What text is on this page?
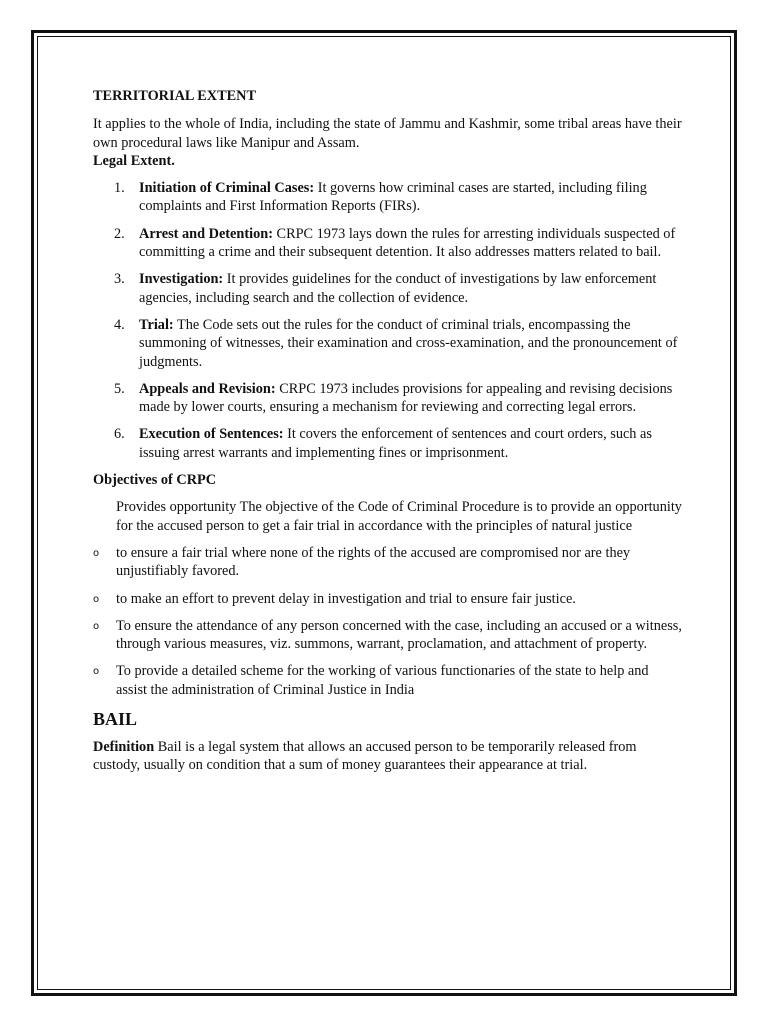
TERRITORIAL EXTENT

It applies to the whole of India, including the state of Jammu and Kashmir, some tribal areas have their own procedural laws like Manipur and Assam.

Legal Extent.
1. Initiation of Criminal Cases: It governs how criminal cases are started, including filing complaints and First Information Reports (FIRs).
2. Arrest and Detention: CRPC 1973 lays down the rules for arresting individuals suspected of committing a crime and their subsequent detention. It also addresses matters related to bail.
3. Investigation: It provides guidelines for the conduct of investigations by law enforcement agencies, including search and the collection of evidence.
4. Trial: The Code sets out the rules for the conduct of criminal trials, encompassing the summoning of witnesses, their examination and cross-examination, and the pronouncement of judgments.
5. Appeals and Revision: CRPC 1973 includes provisions for appealing and revising decisions made by lower courts, ensuring a mechanism for reviewing and correcting legal errors.
6. Execution of Sentences: It covers the enforcement of sentences and court orders, such as issuing arrest warrants and implementing fines or imprisonment.
Objectives of CRPC

Provides opportunity The objective of the Code of Criminal Procedure is to provide an opportunity for the accused person to get a fair trial in accordance with the principles of natural justice

o to ensure a fair trial where none of the rights of the accused are compromised nor are they unjustifiably favored.
o to make an effort to prevent delay in investigation and trial to ensure fair justice.
o To ensure the attendance of any person concerned with the case, including an accused or a witness, through various measures, viz. summons, warrant, proclamation, and attachment of property.
o To provide a detailed scheme for the working of various functionaries of the state to help and assist the administration of Criminal Justice in India
BAIL

Definition Bail is a legal system that allows an accused person to be temporarily released from custody, usually on condition that a sum of money guarantees their appearance at trial.
